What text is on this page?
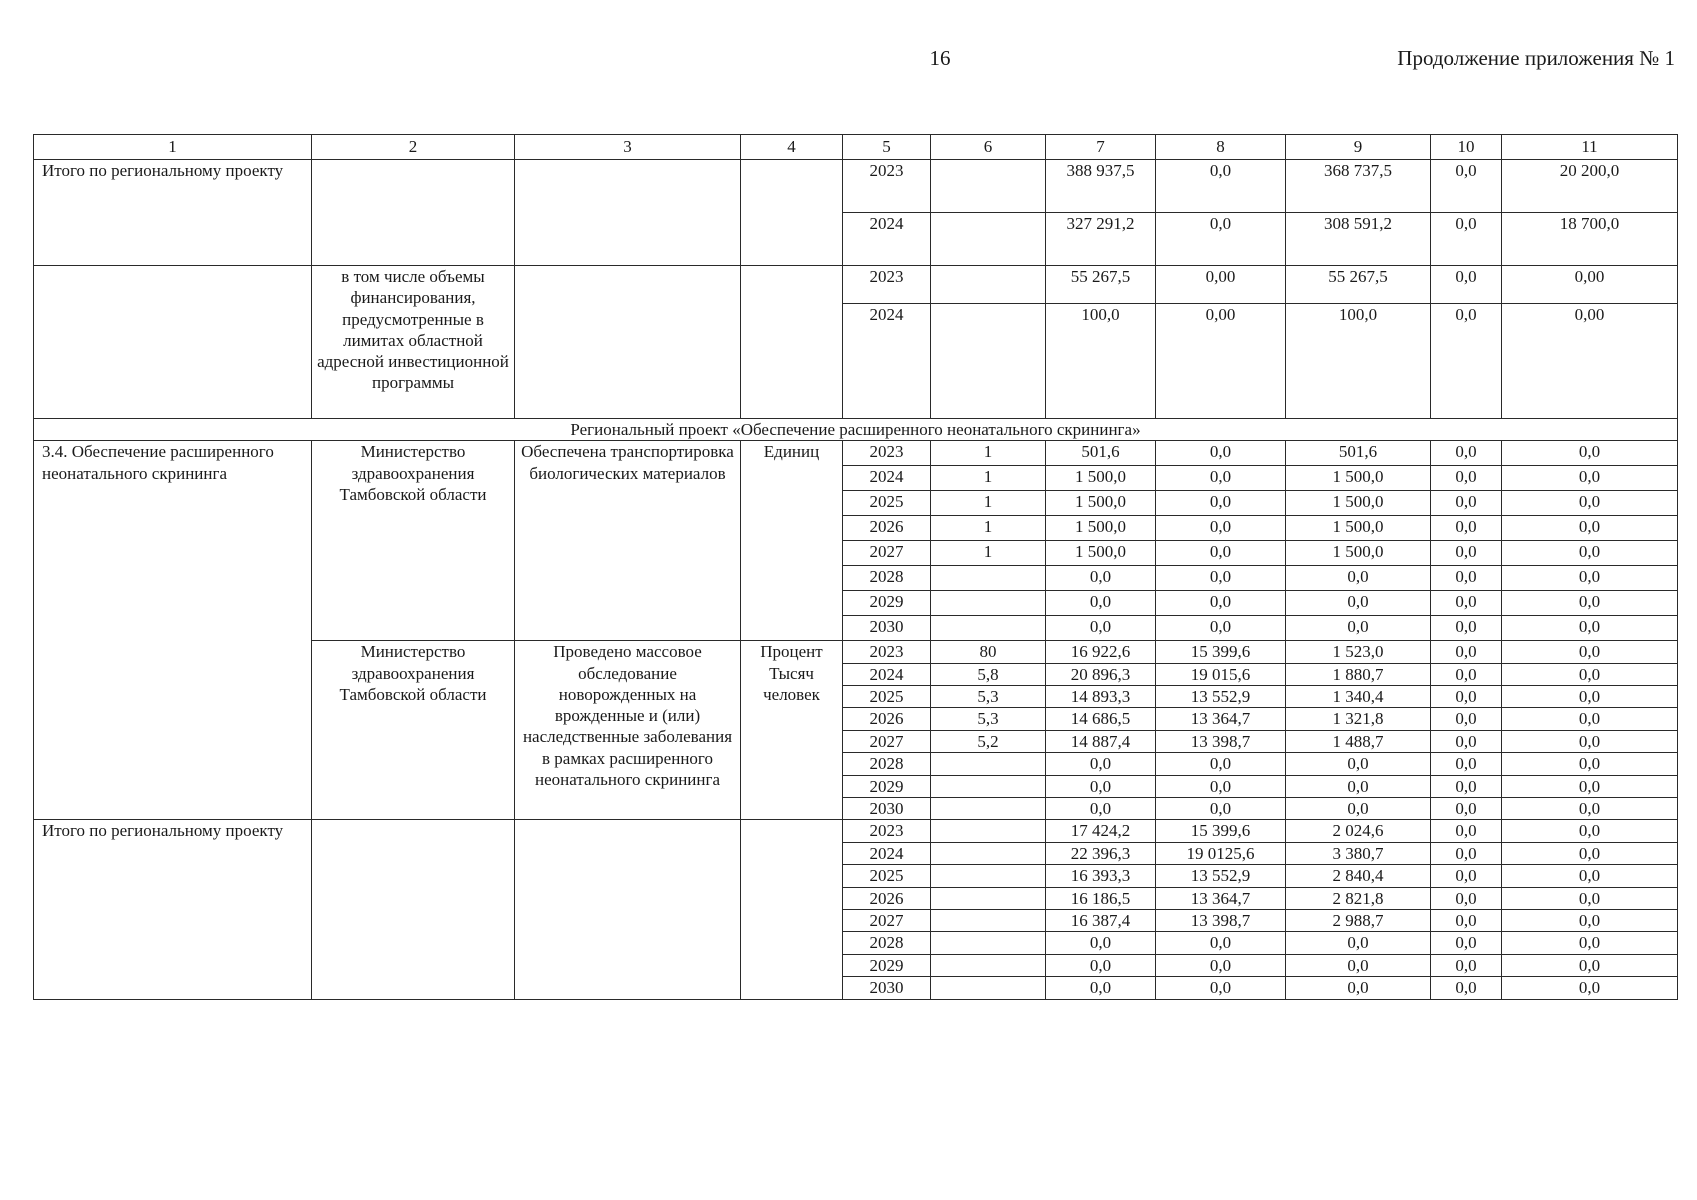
16	Продолжение приложения № 1
1	2	3	4	5	6	7	8	9	10	11
Итого по региональному проекту				2023		388 937,5	0,0	368 737,5	0,0	20 200,0
				2024		327 291,2	0,0	308 591,2	0,0	18 700,0
	в том числе объемы финансирования, предусмотренные в лимитах областной адресной инвестиционной программы			2023		55 267,5	0,00	55 267,5	0,0	0,00
				2024		100,0	0,00	100,0	0,0	0,00
Региональный проект «Обеспечение расширенного неонатального скрининга»										
3.4. Обеспечение расширенного неонатального скрининга	Министерство здравоохранения Тамбовской области	Обеспечена транспортировка биологических материалов	Единиц	2023	1	501,6	0,0	501,6	0,0	0,0
				2024	1	1 500,0	0,0	1 500,0	0,0	0,0
				2025	1	1 500,0	0,0	1 500,0	0,0	0,0
				2026	1	1 500,0	0,0	1 500,0	0,0	0,0
				2027	1	1 500,0	0,0	1 500,0	0,0	0,0
				2028		0,0	0,0	0,0	0,0	0,0
				2029		0,0	0,0	0,0	0,0	0,0
				2030		0,0	0,0	0,0	0,0	0,0
	Министерство здравоохранения Тамбовской области	Проведено массовое обследование новорожденных на врожденные и (или) наследственные заболевания в рамках расширенного неонатального скрининга	Процент Тысяч человек	2023	80	16 922,6	15 399,6	1 523,0	0,0	0,0
				2024	5,8	20 896,3	19 015,6	1 880,7	0,0	0,0
				2025	5,3	14 893,3	13 552,9	1 340,4	0,0	0,0
				2026	5,3	14 686,5	13 364,7	1 321,8	0,0	0,0
				2027	5,2	14 887,4	13 398,7	1 488,7	0,0	0,0
				2028		0,0	0,0	0,0	0,0	0,0
				2029		0,0	0,0	0,0	0,0	0,0
				2030		0,0	0,0	0,0	0,0	0,0
Итого по региональному проекту				2023		17 424,2	15 399,6	2 024,6	0,0	0,0
				2024		22 396,3	19 0125,6	3 380,7	0,0	0,0
				2025		16 393,3	13 552,9	2 840,4	0,0	0,0
				2026		16 186,5	13 364,7	2 821,8	0,0	0,0
				2027		16 387,4	13 398,7	2 988,7	0,0	0,0
				2028		0,0	0,0	0,0	0,0	0,0
				2029		0,0	0,0	0,0	0,0	0,0
				2030		0,0	0,0	0,0	0,0	0,0
